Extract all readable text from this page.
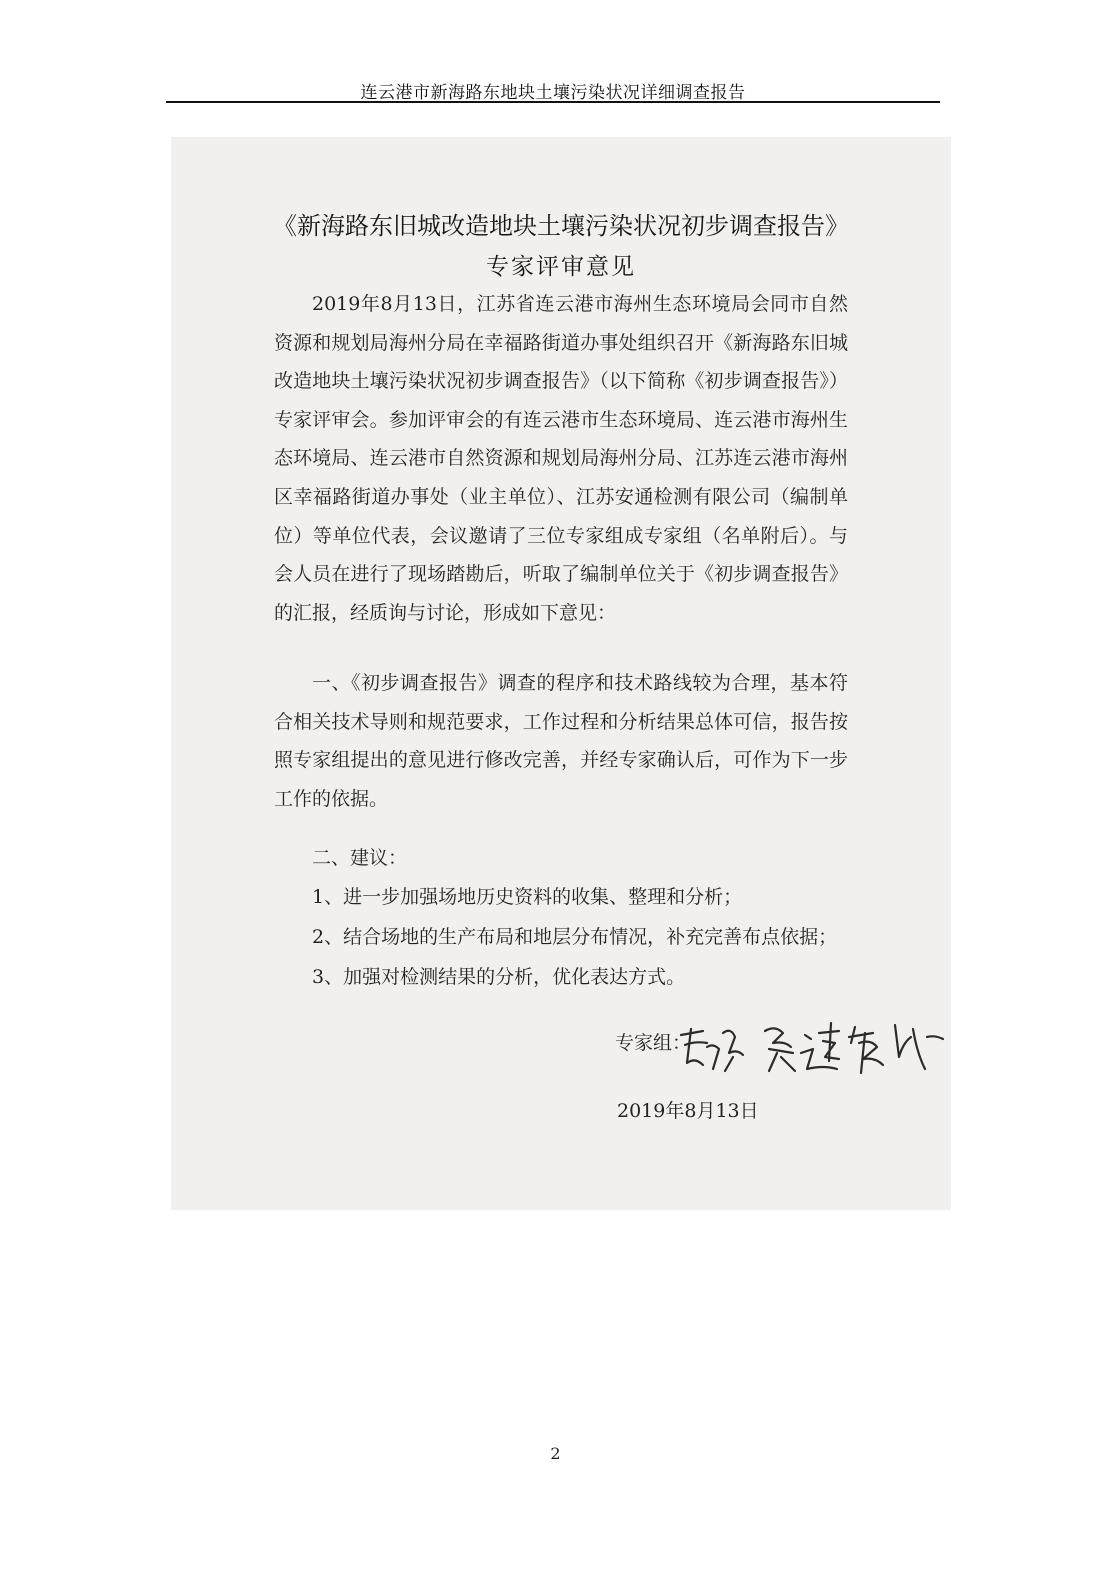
连云港市新海路东地块土壤污染状况详细调查报告
《新海路东旧城改造地块土壤污染状况初步调查报告》
专家评审意见

2019年8月13日，江苏省连云港市海州生态环境局会同市自然资源和规划局海州分局在幸福路街道办事处组织召开《新海路东旧城改造地块土壤污染状况初步调查报告》（以下简称《初步调查报告》）专家评审会。参加评审会的有连云港市生态环境局、连云港市海州生态环境局、连云港市自然资源和规划局海州分局、江苏连云港市海州区幸福路街道办事处（业主单位）、江苏安通检测有限公司（编制单位）等单位代表，会议邀请了三位专家组成专家组（名单附后）。与会人员在进行了现场踏勘后，听取了编制单位关于《初步调查报告》的汇报，经质询与讨论，形成如下意见：

一、《初步调查报告》调查的程序和技术路线较为合理，基本符合相关技术导则和规范要求，工作过程和分析结果总体可信，报告按照专家组提出的意见进行修改完善，并经专家确认后，可作为下一步工作的依据。

二、建议：

1、进一步加强场地历史资料的收集、整理和分析；

2、结合场地的生产布局和地层分布情况，补充完善布点依据；

3、加强对检测结果的分析，优化表达方式。

专家组：
2019年8月13日
2
